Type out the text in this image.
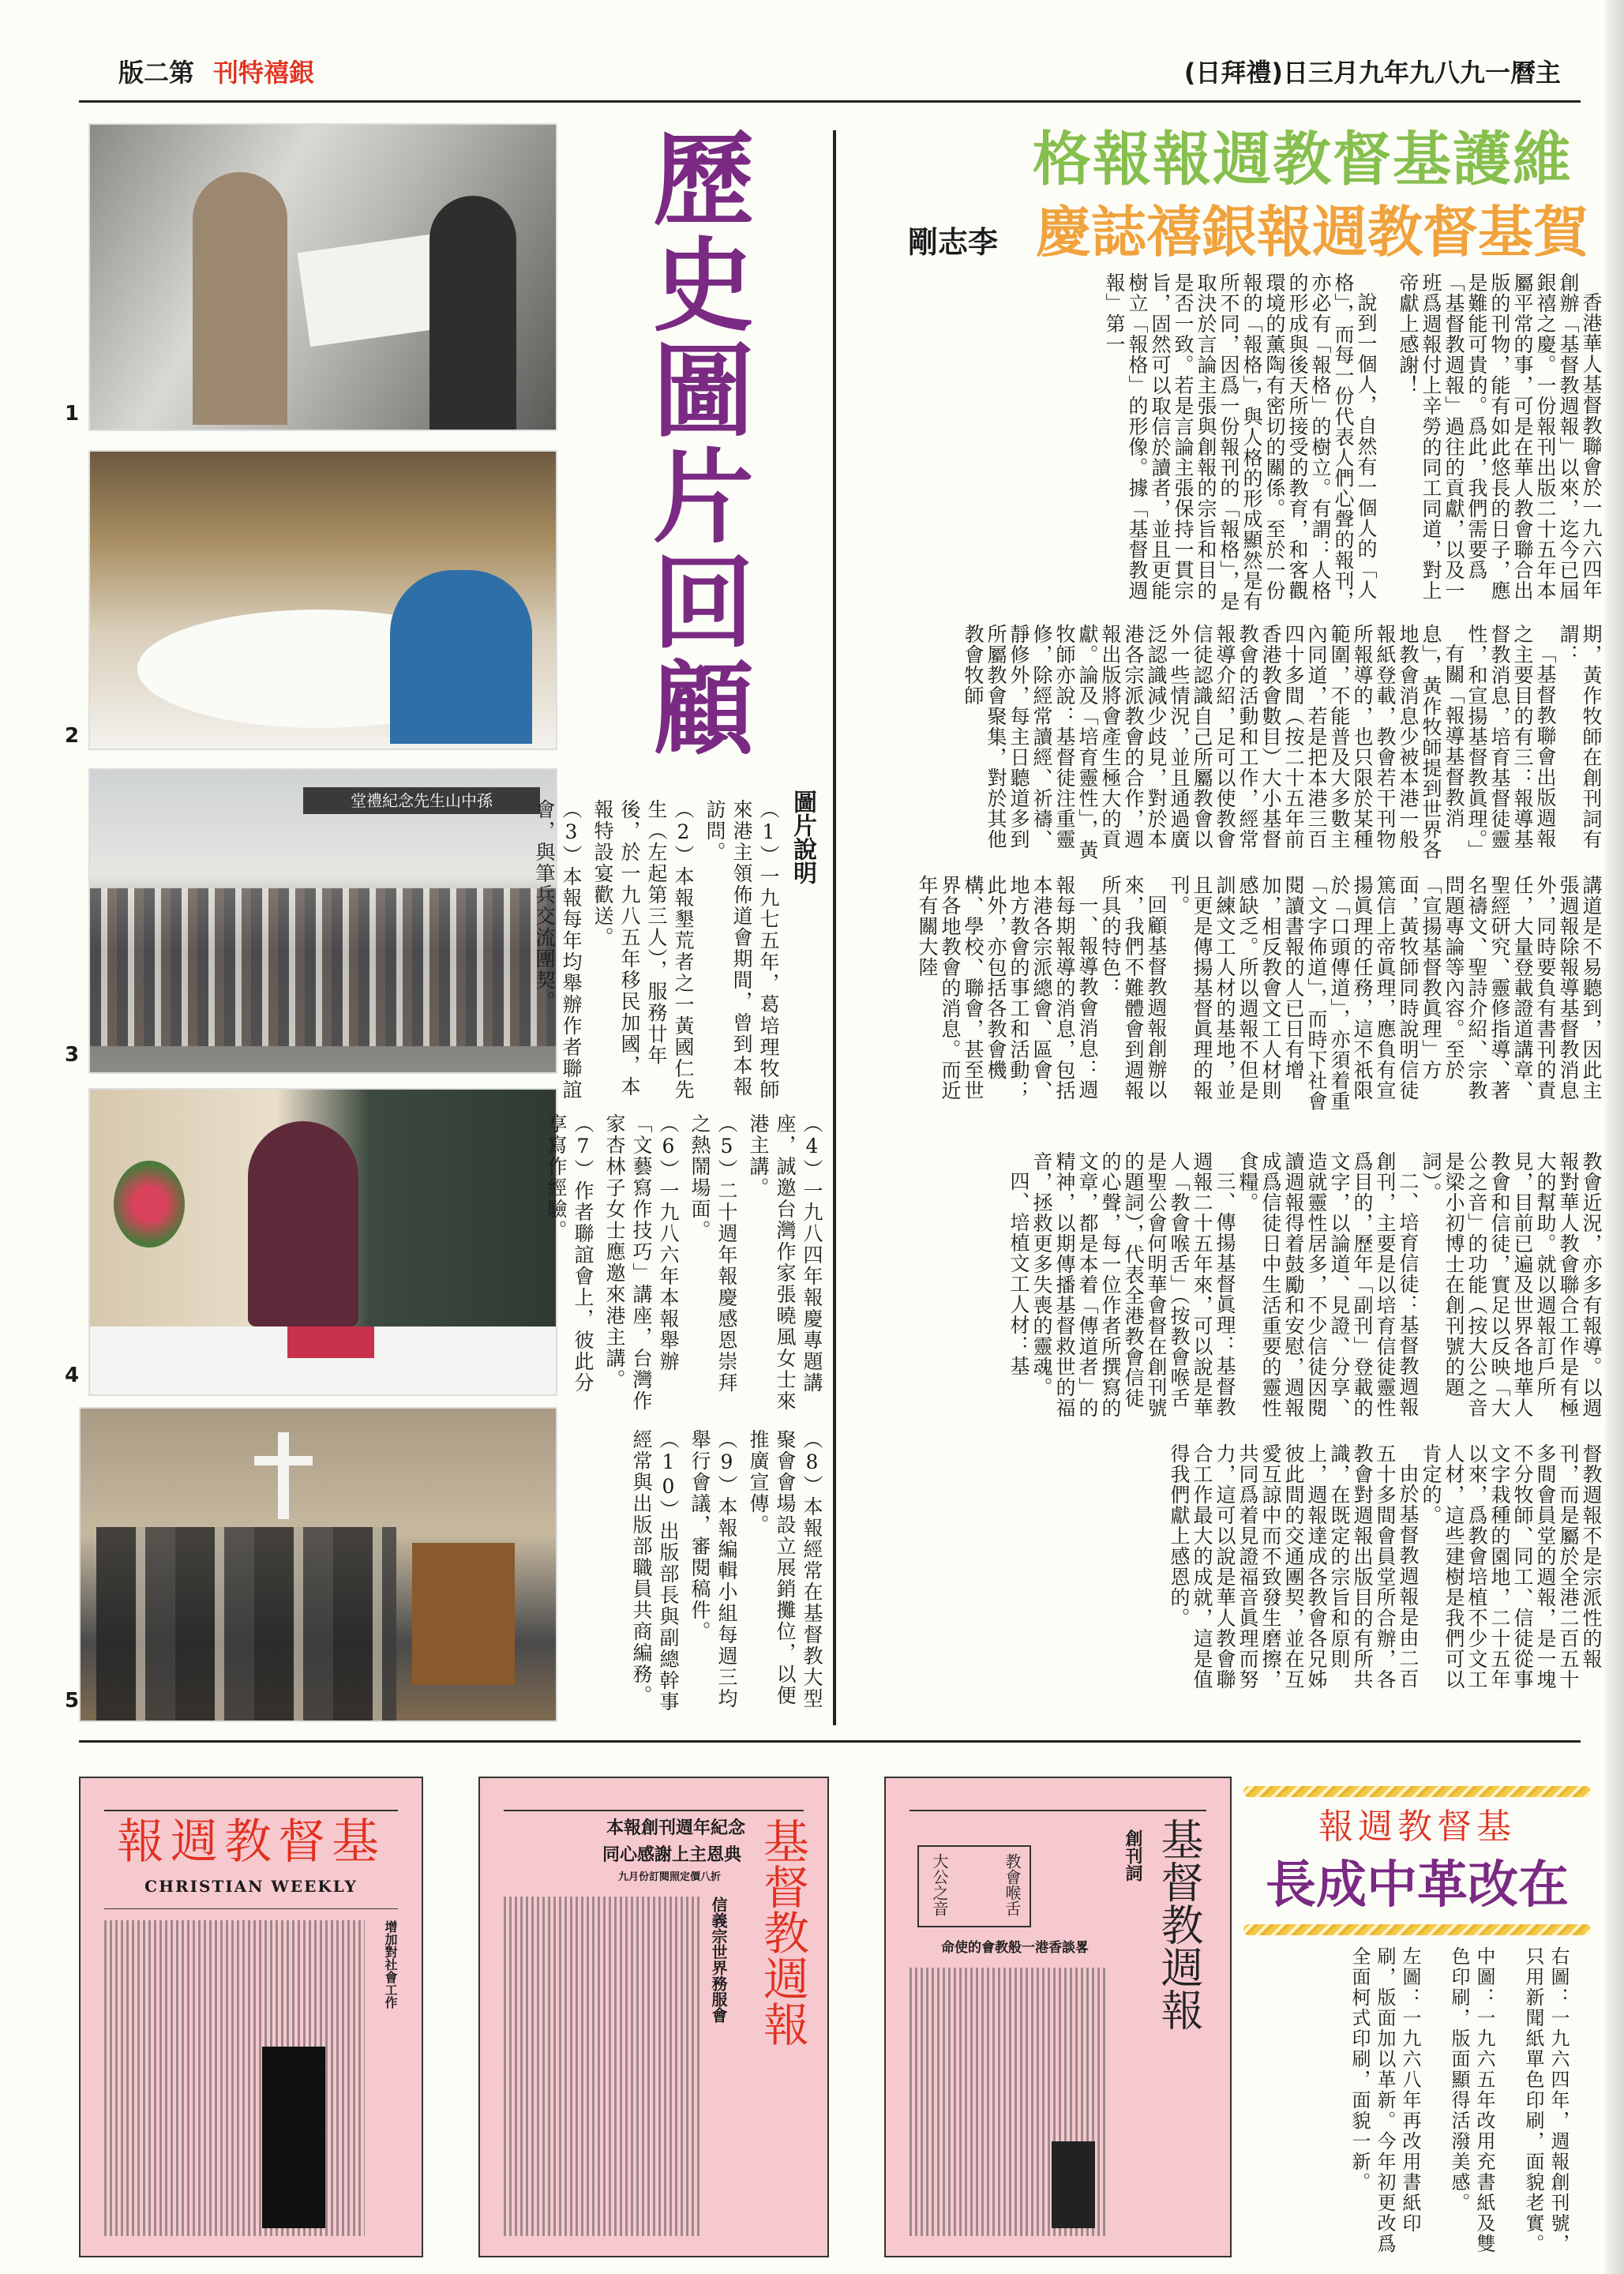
版二第 刊特禧銀	(日拜禮)日三月九年九八九一曆主
1
2
堂禮紀念先生山中孫
3
4
5
歷史圖片回顧
圖片說明

（1）一九七五年，葛培理牧師來港主領佈道會期間，曾到本報訪問。

（2）本報墾荒者之一黃國仁先生（左起第三人），服務廿年後，於一九八五年移民加國，本報特設宴歡送。

（3）本報每年均舉辦作者聯誼會，與筆兵交流團契。

（4）一九八四年報慶專題講座，誠邀台灣作家張曉風女士來港主講。

（5）二十週年報慶感恩崇拜之熱鬧場面。

（6）一九八六年本報舉辦「文藝寫作技巧」講座，台灣作家杏林子女士應邀來港主講。

（7）作者聯誼會上，彼此分享寫作經驗。

（8）本報經常在基督教大型聚會會場設立展銷攤位，以便推廣宣傳。

（9）本報編輯小組每週三均舉行會議，審閱稿件。

（10）出版部長與副總幹事經常與出版部職員共商編務。

格報報週教督基護維
慶誌禧銀報週教督基賀
剛志李

香港華人基督教聯會於一九六四年創辦「基督教週報」以來，迄今已屆銀禧之慶。一份報刊出版二十五年本屬平常的事，可是在華人教會聯合出版的刊物，能有如此悠長的日子，應是難能可貴的。爲此，我們需要爲「基督教週報」過往的貢獻，以及一班爲週報付上辛勞的同工同道，對上帝獻上感謝！

說到一個人，自然有一個人的「人格」，而每一份代表人們心聲的報刊，亦必有「報格」的樹立。有謂：人格的形成與後天所接受的教育，和客觀環境的薰陶有密切的關係。至於一份報的「報格」，與人格的形成顯然是有所不同，因爲一份報刊的「報格」，是取決於言論主張與創報的宗旨和目的是否一致。若是言論主張保持一貫宗旨，固然可以取信於讀者，並且更能樹立「報格」的形像。據「基督教週報」第一

期，黃作牧師在創刊詞有謂：

「基督教聯會出版週報之主要目的有三：報導基督教消息，培育基督徒靈性，和宣揚基督教眞理。」

有關「報導基督教消息」，黃作牧師提到世界各地教會消息少被本港一般報紙登載，教會若干刊物所報導的，也只限於某種範圍，不能普及大多數主內同道，若是把本港三百四十多間（按二十五年前香港教會數目）大小基督教會的活動和工作，經常報導介紹，足可以使教會信徒認識自己所屬教會以外一些情況，並且通過廣泛認識減少歧見，對於本港各宗派教會的合作，週報出版將會產生極大的貢獻。論及「培育靈性」，黃牧師亦說：基督徒注重靈修，除經常讀經、祈禱、靜修外，每主日聽道多到所屬教會聚集，對於其他教會牧師

講道是不易聽到，因此主張週報除報導基督教消息外，同時要負有書刊的責任，大量登載證道講章、聖經研究、靈修指導、著名禱文、聖詩介紹、宗教問題專論等內容。至於「宣揚基督教眞理」方面，黃牧師同時說明信徒篤信上帝眞理，應負有宣揚眞理的任務，這不祇限於「口頭傳道」，亦須着重「文字佈道」，而時下社會閱讀書報的人已日有增加，相反教會文工人材則感缺乏。所以週報不但是訓練文工人材的基地，並且更是傳揚基督眞理的報刊。

回顧基督教週報創辦以來，我們不難體會到週報所具的特色：

一、報導教會消息：週報每期報導的消息，包括本港各宗派總會、區會、地方教會的事工和活動；此外，亦包括各教會機構、學校、聯會，甚至世界各地教會的消息。而近年有關大陸

教會近況，亦多有報導。以週報對華人教會聯合工作是有極大的幫助。就以週報訂戶所見，目前已遍及世界各地華人教會和信徒，實足以反映「大公之音」的功能（按大公之音是梁小初博士在創刊號的題詞）。

二、培育信徒：基督教週報創刊，主要是以培育信徒靈性爲目的，歷年「副刊」登載的文字，以論道、見證、分享、造就靈性居多，不少信徒因閱讀週報得着鼓勵和安慰，週報成爲信徒日中生活重要的靈性食糧。

三、傳揚基督眞理：基督教週報二十五年來，可以說是華人「教會喉舌」（按教會喉舌是聖公會何明華會督在創刊號的題詞），代表全港教會信徒的心聲，每一位作者所撰寫的文章，都是本着「傳道者」的精神，以期傳播基督救世的福音，拯救更多失喪的靈魂。

四、培植文工人材：基

督教週報不是宗派性的報刊，而是屬於全港二百五十多間會員堂的週報，是一塊不分牧師、同工、信徒從事文字栽種的園地，二十五年以來，爲教會培植不少文工人材，這些建樹是我們可以肯定的。

由於基督教週報是由二百五十多間會員堂所合辦，各教會對週報出版目的有所共識，在既定的宗旨和原則上，週報達成各教會各兄姊彼此間的交通團契，並在互愛互諒中而不致發生磨擦，共同爲着見證福音眞理而努力，這可以說是華人教會聯合工作最大的成就，這是值得我們獻上感恩的。

報週教督基
CHRISTIAN WEEKLY
增加對社會工作	基督教週報
本報創刊週年紀念
同心感謝上主恩典
九月份訂閱照定價八折
信義宗世界務服會	基督教週報
創刊詞
教會喉舌
大公之音
命使的會教般一港香談畧
報週教督基
長成中革改在

右圖：一九六四年，週報創刊號，只用新聞紙單色印刷，面貌老實。

中圖：一九六五年改用充書紙及雙色印刷，版面顯得活潑美感。

左圖：一九六八年再改用書紙印刷，版面加以革新。今年初更改爲全面柯式印刷，面貌一新。
